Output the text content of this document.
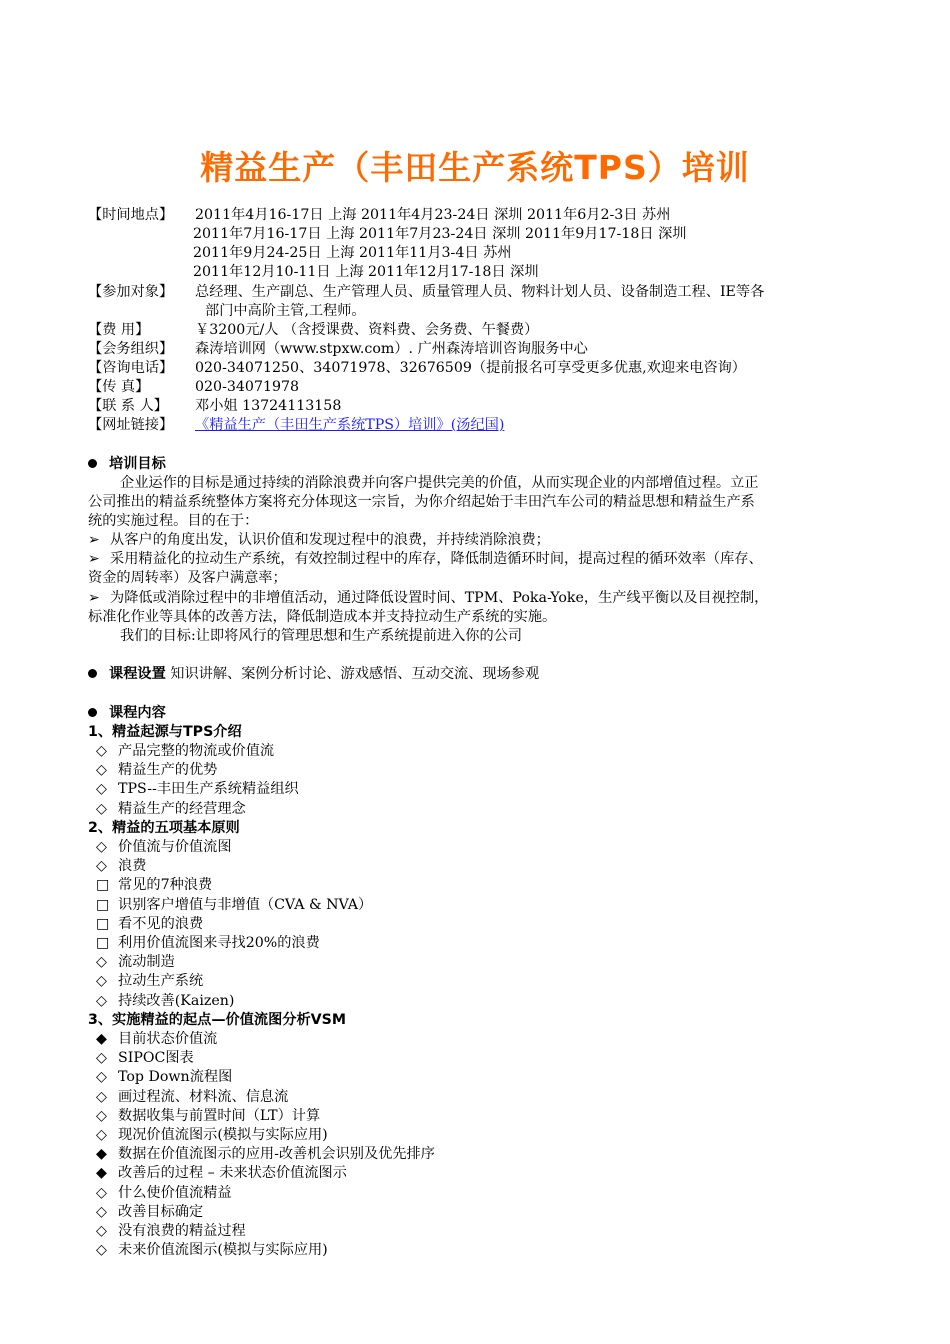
精益生产（丰田生产系统TPS）培训
【时间地点】 2011年4月16-17日 上海 2011年4月23-24日 深圳 2011年6月2-3日 苏州
2011年7月16-17日 上海 2011年7月23-24日 深圳 2011年9月17-18日 深圳
2011年9月24-25日 上海 2011年11月3-4日 苏州
2011年12月10-11日 上海 2011年12月17-18日 深圳
【参加对象】 总经理、生产副总、生产管理人员、质量管理人员、物料计划人员、设备制造工程、IE等各
部门中高阶主管,工程师。
【费 用】	￥3200元/人 （含授课费、资料费、会务费、午餐费）
【会务组织】 森涛培训网（www.stpxw.com）. 广州森涛培训咨询服务中心
【咨询电话】 020-34071250、34071978、32676509（提前报名可享受更多优惠,欢迎来电咨询）
【传 真】	020-34071978
【联 系 人】 邓小姐 13724113158
【网址链接】 《精益生产（丰田生产系统TPS）培训》(汤纪国)
培训目标
企业运作的目标是通过持续的消除浪费并向客户提供完美的价值，从而实现企业的内部增值过程。立正
公司推出的精益系统整体方案将充分体现这一宗旨，为你介绍起始于丰田汽车公司的精益思想和精益生产系
统的实施过程。目的在于：
➢ 从客户的角度出发，认识价值和发现过程中的浪费，并持续消除浪费；
➢ 采用精益化的拉动生产系统，有效控制过程中的库存，降低制造循环时间，提高过程的循环效率（库存、
资金的周转率）及客户满意率；
➢ 为降低或消除过程中的非增值活动，通过降低设置时间、TPM、Poka-Yoke，生产线平衡以及目视控制，
标准化作业等具体的改善方法，降低制造成本并支持拉动生产系统的实施。
我们的目标:让即将风行的管理思想和生产系统提前进入你的公司
课程设置 知识讲解、案例分析讨论、游戏感悟、互动交流、现场参观
课程内容
1、精益起源与TPS介绍
◇ 产品完整的物流或价值流
◇ 精益生产的优势
◇ TPS--丰田生产系统精益组织
◇ 精益生产的经营理念
2、精益的五项基本原则
◇ 价值流与价值流图
◇ 浪费
□ 常见的7种浪费
□ 识别客户增值与非增值（CVA & NVA）
□ 看不见的浪费
□ 利用价值流图来寻找20%的浪费
◇ 流动制造
◇ 拉动生产系统
◇ 持续改善(Kaizen)
3、实施精益的起点—价值流图分析VSM
◆ 目前状态价值流
◇ SIPOC图表
◇ Top Down流程图
◇ 画过程流、材料流、信息流
◇ 数据收集与前置时间（LT）计算
◇ 现况价值流图示(模拟与实际应用)
◆ 数据在价值流图示的应用-改善机会识别及优先排序
◆ 改善后的过程 – 未来状态价值流图示
◇ 什么使价值流精益
◇ 改善目标确定
◇ 没有浪费的精益过程
◇ 未来价值流图示(模拟与实际应用)
